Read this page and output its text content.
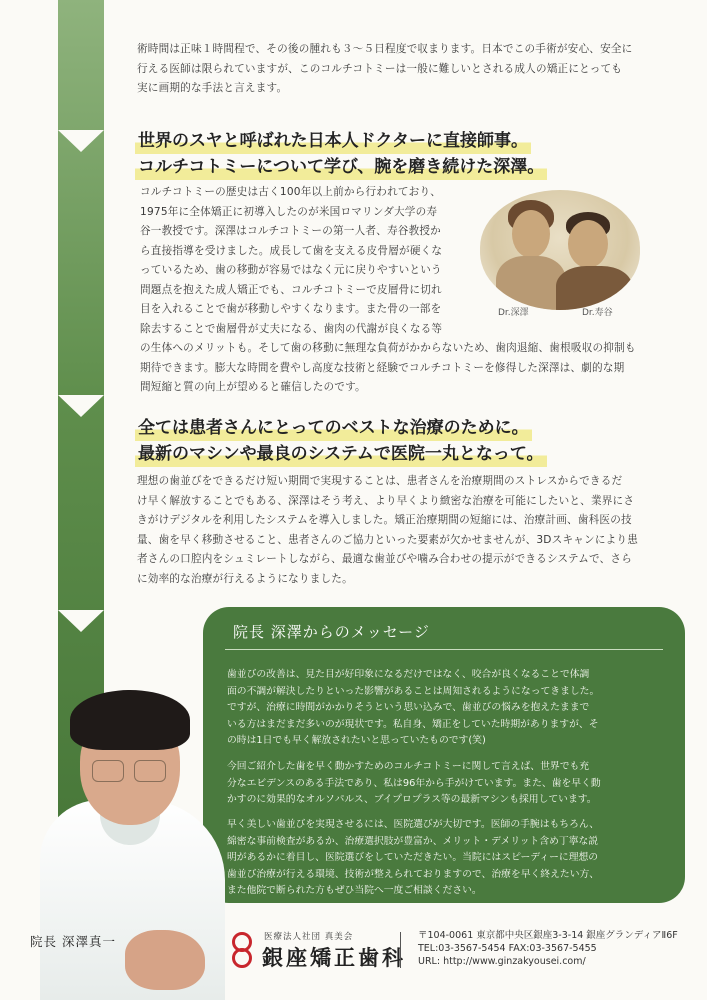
術時間は正味１時間程で、その後の腫れも３～５日程度で収まります。日本でこの手術が安心、安全に
行える医師は限られていますが、このコルチコトミーは一般に難しいとされる成人の矯正にとっても
実に画期的な手法と言えます。
世界のスヤと呼ばれた日本人ドクターに直接師事。
コルチコトミーについて学び、腕を磨き続けた深澤。
コルチコトミーの歴史は古く100年以上前から行われており、
1975年に全体矯正に初導入したのが米国ロマリンダ大学の寿
谷一教授です。深澤はコルチコトミーの第一人者、寿谷教授か
ら直接指導を受けました。成長して歯を支える皮骨層が硬くな
っているため、歯の移動が容易ではなく元に戻りやすいという
問題点を抱えた成人矯正でも、コルチコトミーで皮層骨に切れ
目を入れることで歯が移動しやすくなります。また骨の一部を
除去することで歯層骨が丈夫になる、歯肉の代謝が良くなる等
Dr.深澤	Dr.寿谷
の生体へのメリットも。そして歯の移動に無理な負荷がかからないため、歯肉退縮、歯根吸収の抑制も
期待できます。膨大な時間を費やし高度な技術と経験でコルチコトミーを修得した深澤は、劇的な期
間短縮と質の向上が望めると確信したのです。
全ては患者さんにとってのベストな治療のために。
最新のマシンや最良のシステムで医院一丸となって。
理想の歯並びをできるだけ短い期間で実現することは、患者さんを治療期間のストレスからできるだ
け早く解放することでもある、深澤はそう考え、より早くより緻密な治療を可能にしたいと、業界にさ
きがけデジタルを利用したシステムを導入しました。矯正治療期間の短縮には、治療計画、歯科医の技
量、歯を早く移動させること、患者さんのご協力といった要素が欠かせませんが、3Dスキャンにより患
者さんの口腔内をシュミレートしながら、最適な歯並びや噛み合わせの提示ができるシステムで、さら
に効率的な治療が行えるようになりました。
院長 深澤からのメッセージ
歯並びの改善は、見た目が好印象になるだけではなく、咬合が良くなることで体調
面の不調が解決したりといった影響があることは周知されるようになってきました。
ですが、治療に時間がかかりそうという思い込みで、歯並びの悩みを抱えたままで
いる方はまだまだ多いのが現状です。私自身、矯正をしていた時期がありますが、そ
の時は1日でも早く解放されたいと思っていたものです(笑)
今回ご紹介した歯を早く動かすためのコルチコトミーに関して言えば、世界でも充
分なエビデンスのある手法であり、私は96年から手がけています。また、歯を早く動
かすのに効果的なオルソパルス、ブイプロプラス等の最新マシンも採用しています。
早く美しい歯並びを実現させるには、医院選びが大切です。医師の手腕はもちろん、
綿密な事前検査があるか、治療選択肢が豊富か、メリット・デメリット含め丁寧な説
明があるかに着目し、医院選びをしていただきたい。当院にはスピーディーに理想の
歯並び治療が行える環境、技術が整えられておりますので、治療を早く終えたい方、
また他院で断られた方もぜひ当院へ一度ご相談ください。
院長 深澤真一	医療法人社団 真美会
銀座矯正歯科
〒104-0061 東京都中央区銀座3-3-14 銀座グランディアⅡ6F
TEL:03-3567-5454 FAX:03-3567-5455
URL: http://www.ginzakyousei.com/
